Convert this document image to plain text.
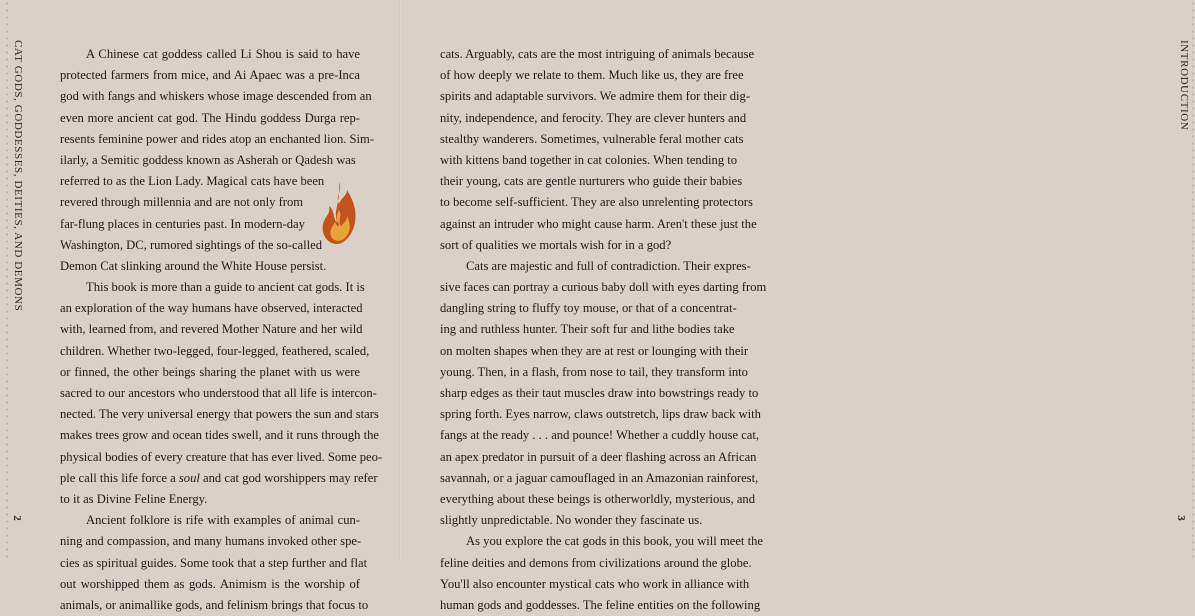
CAT GODS, GODDESSES, DEITIES, AND DEMONS
2
A Chinese cat goddess called Li Shou is said to have
protected farmers from mice, and Ai Apaec was a pre-Inca
god with fangs and whiskers whose image descended from an
even more ancient cat god. The Hindu goddess Durga rep-
resents feminine power and rides atop an enchanted lion. Sim-
ilarly, a Semitic goddess known as Asherah or Qadesh was
referred to as the Lion Lady. Magical cats have been
revered through millennia and are not only from
far-flung places in centuries past. In modern-day
Washington, DC, rumored sightings of the so-called
Demon Cat slinking around the White House persist.
This book is more than a guide to ancient cat gods. It is
an exploration of the way humans have observed, interacted
with, learned from, and revered Mother Nature and her wild
children. Whether two-legged, four-legged, feathered, scaled,
or finned, the other beings sharing the planet with us were
sacred to our ancestors who understood that all life is intercon-
nected. The very universal energy that powers the sun and stars
makes trees grow and ocean tides swell, and it runs through the
physical bodies of every creature that has ever lived. Some peo-
ple call this life force a soul and cat god worshippers may refer
to it as Divine Feline Energy.
Ancient folklore is rife with examples of animal cun-
ning and compassion, and many humans invoked other spe-
cies as spiritual guides. Some took that a step further and flat
out worshipped them as gods. Animism is the worship of
animals, or animallike gods, and felinism brings that focus to
INTRODUCTION
3
cats. Arguably, cats are the most intriguing of animals because
of how deeply we relate to them. Much like us, they are free
spirits and adaptable survivors. We admire them for their dig-
nity, independence, and ferocity. They are clever hunters and
stealthy wanderers. Sometimes, vulnerable feral mother cats
with kittens band together in cat colonies. When tending to
their young, cats are gentle nurturers who guide their babies
to become self-sufficient. They are also unrelenting protectors
against an intruder who might cause harm. Aren't these just the
sort of qualities we mortals wish for in a god?
Cats are majestic and full of contradiction. Their expres-
sive faces can portray a curious baby doll with eyes darting from
dangling string to fluffy toy mouse, or that of a concentrat-
ing and ruthless hunter. Their soft fur and lithe bodies take
on molten shapes when they are at rest or lounging with their
young. Then, in a flash, from nose to tail, they transform into
sharp edges as their taut muscles draw into bowstrings ready to
spring forth. Eyes narrow, claws outstretch, lips draw back with
fangs at the ready . . . and pounce! Whether a cuddly house cat,
an apex predator in pursuit of a deer flashing across an African
savannah, or a jaguar camouflaged in an Amazonian rainforest,
everything about these beings is otherworldly, mysterious, and
slightly unpredictable. No wonder they fascinate us.
As you explore the cat gods in this book, you will meet the
feline deities and demons from civilizations around the globe.
You'll also encounter mystical cats who work in alliance with
human gods and goddesses. The feline entities on the following
